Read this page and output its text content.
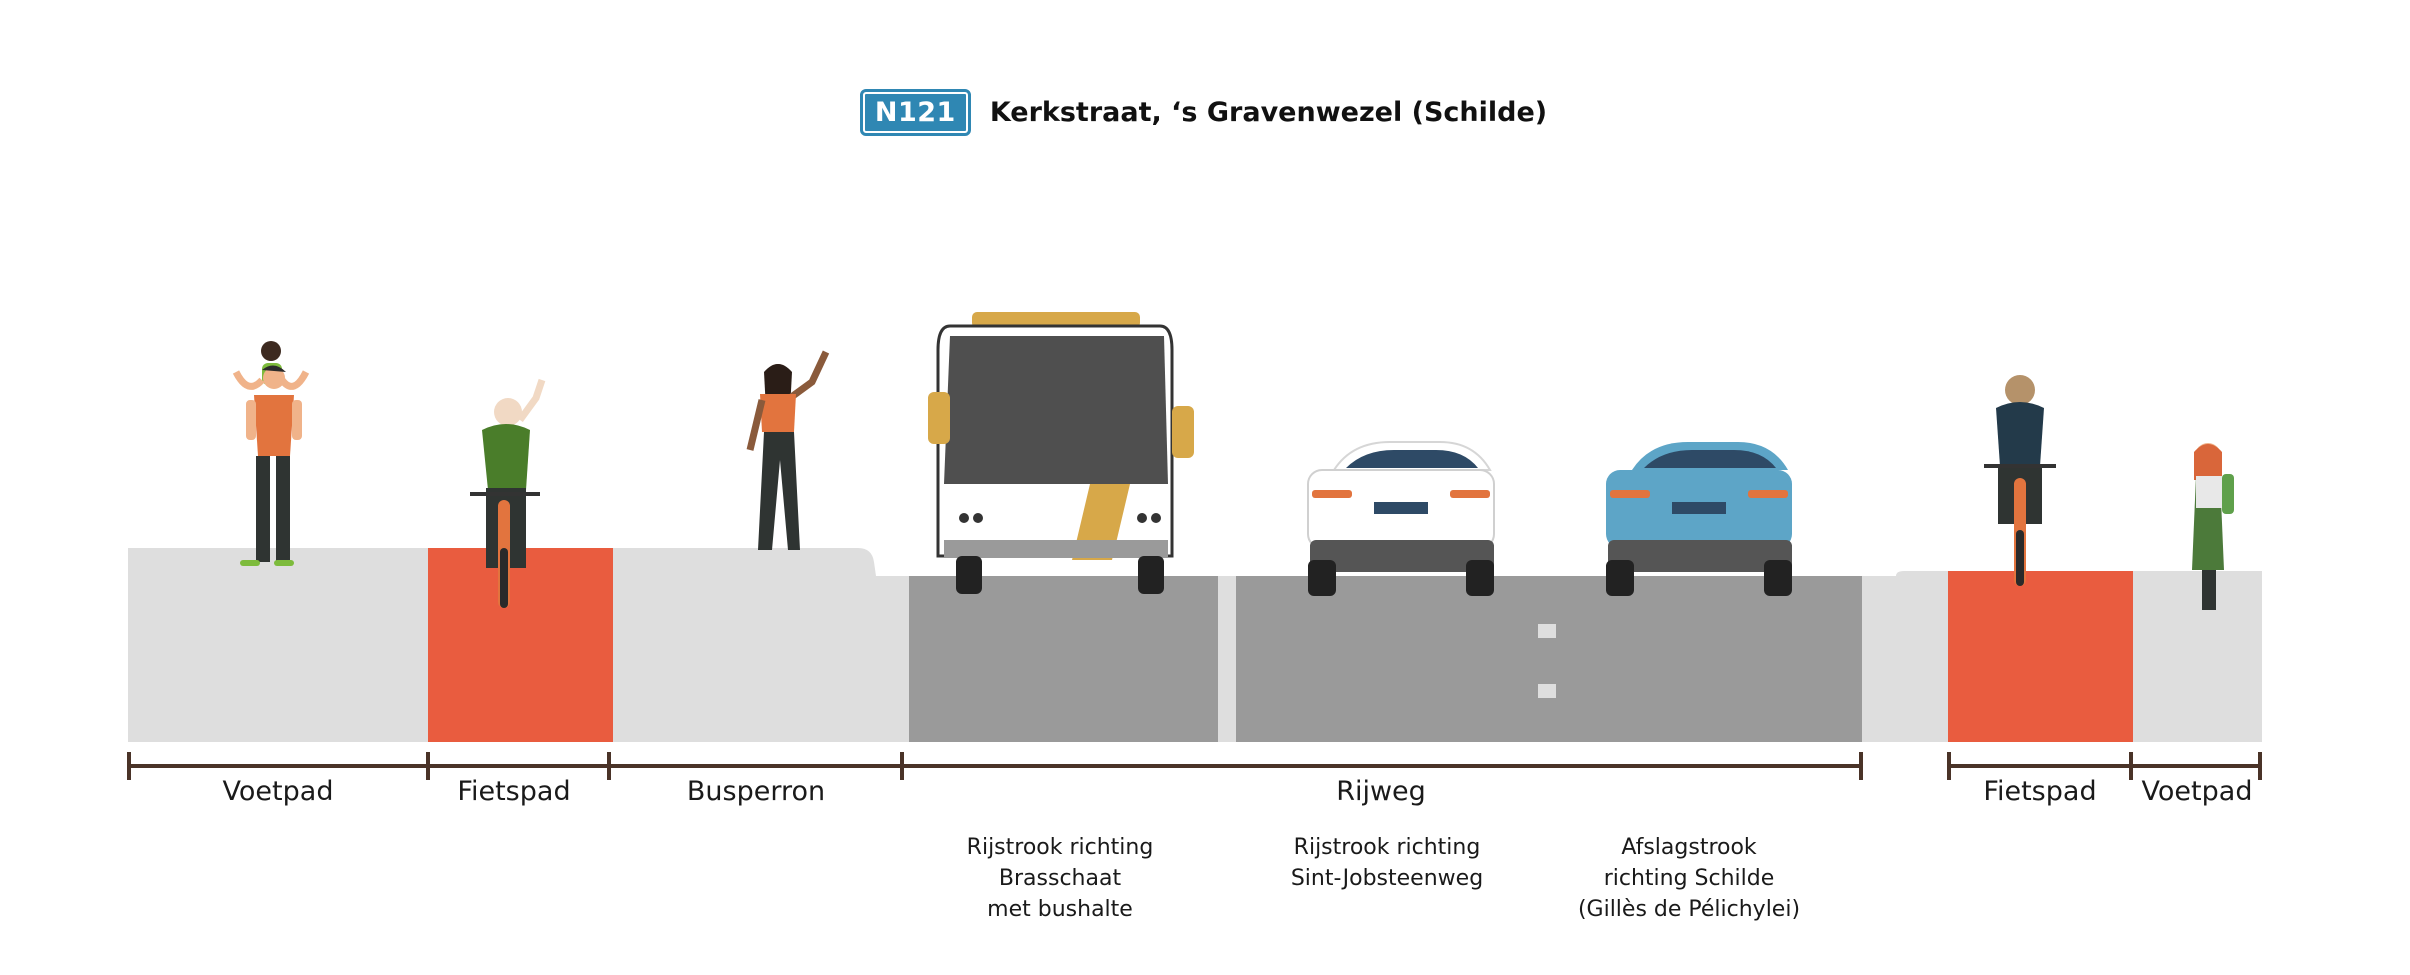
N121	Kerkstraat, ‘s Gravenwezel (Schilde)
Voetpad	Fietspad	Busperron	Rijweg	Fietspad Voetpad
Rijstrook richting
Brasschaat
met bushalte
Rijstrook richting
Sint-Jobsteenweg
Afslagstrook
richting Schilde
(Gillès de Pélichylei)
